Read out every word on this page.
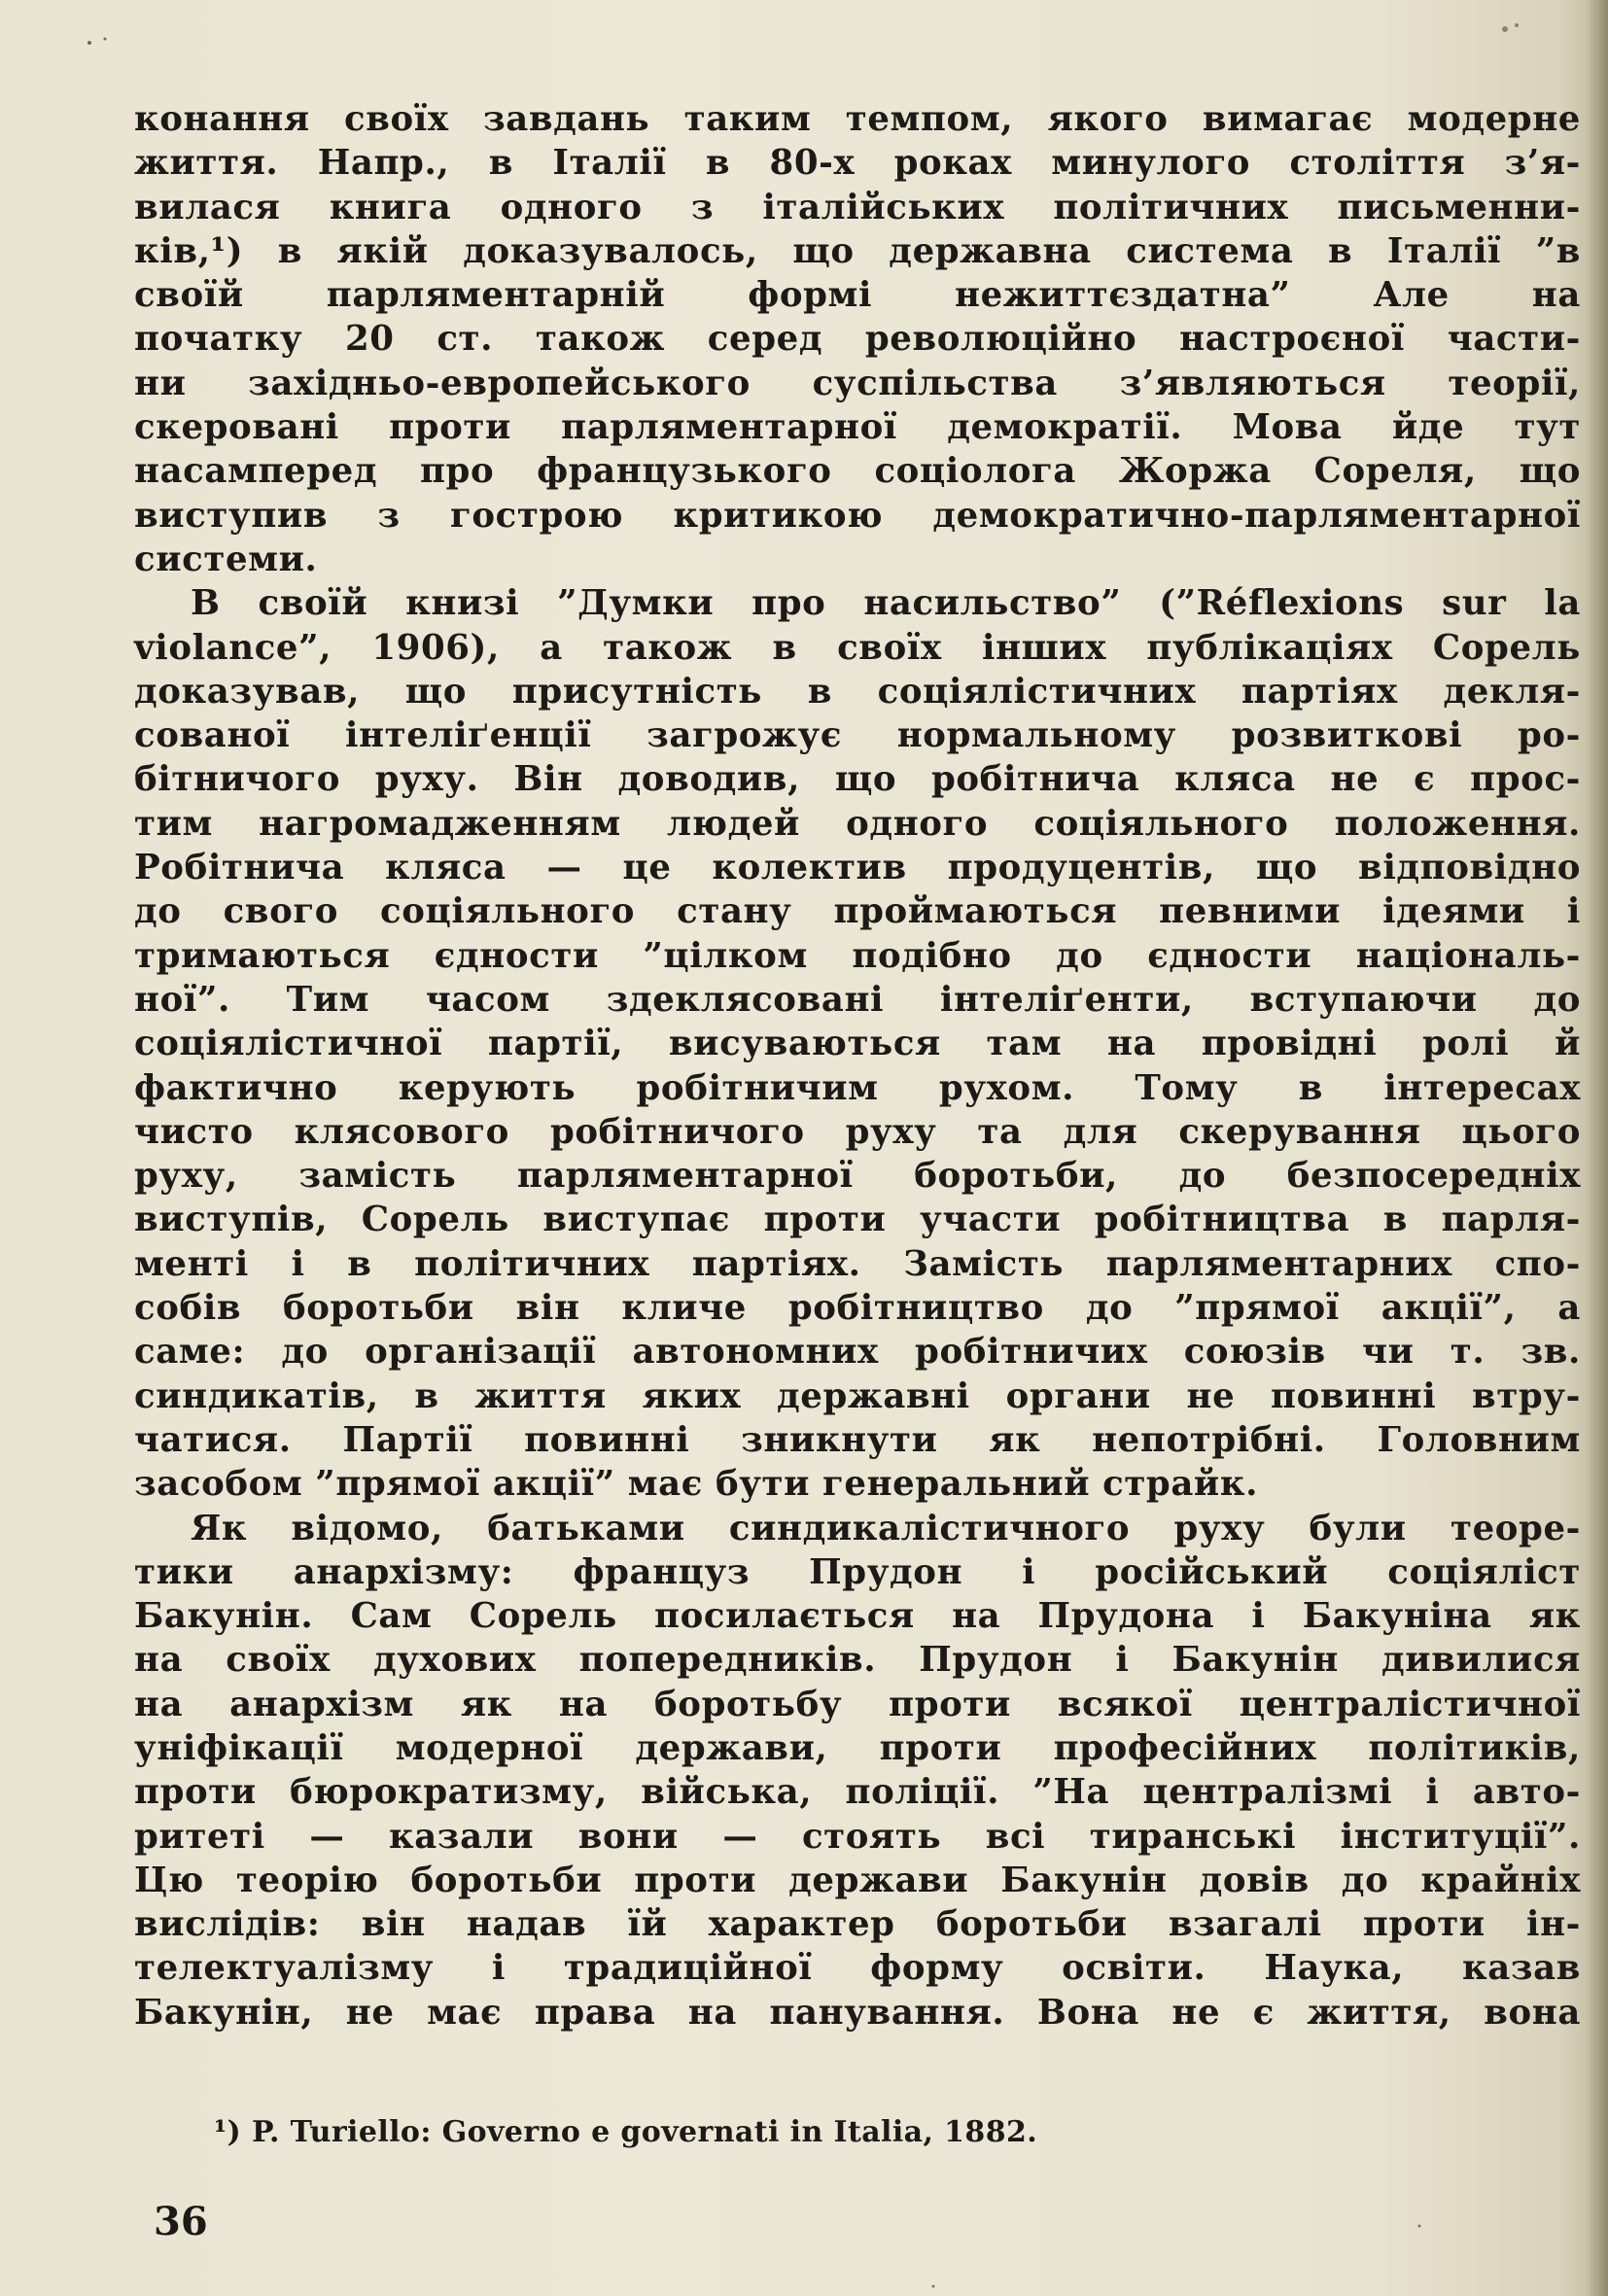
конання своїх завдань таким темпом, якого вимагає модерне
життя. Напр., в Італії в 80-х роках минулого століття з’я-
вилася книга одного з італійських політичних письменни-
ків,¹) в якій доказувалось, що державна система в Італії ”в
своїй парляментарній формі нежиттєздатна” Але на
початку 20 ст. також серед революційно настроєної части-
ни західньо-европейського суспільства з’являються теорії,
скеровані проти парляментарної демократії. Мова йде тут
насамперед про французького соціолога Жоржа Сореля, що
виступив з гострою критикою демократично-парляментарної
системи.
В своїй книзі ”Думки про насильство” (”Réflexions sur la
violance”, 1906), а також в своїх інших публікаціях Сорель
доказував, що присутність в соціялістичних партіях декля-
сованої інтеліґенції загрожує нормальному розвиткові ро-
бітничого руху. Він доводив, що робітнича кляса не є прос-
тим нагромадженням людей одного соціяльного положення.
Робітнича кляса — це колектив продуцентів, що відповідно
до свого соціяльного стану проймаються певними ідеями і
тримаються єдности ”цілком подібно до єдности національ-
ної”. Тим часом здеклясовані інтеліґенти, вступаючи до
соціялістичної партії, висуваються там на провідні ролі й
фактично керують робітничим рухом. Тому в інтересах
чисто клясового робітничого руху та для скерування цього
руху, замість парляментарної боротьби, до безпосередніх
виступів, Сорель виступає проти участи робітництва в парля-
менті і в політичних партіях. Замість парляментарних спо-
собів боротьби він кличе робітництво до ”прямої акції”, а
саме: до організації автономних робітничих союзів чи т. зв.
синдикатів, в життя яких державні органи не повинні втру-
чатися. Партії повинні зникнути як непотрібні. Головним
засобом ”прямої акції” має бути генеральний страйк.
Як відомо, батьками синдикалістичного руху були теоре-
тики анархізму: француз Прудон і російський соціяліст
Бакунін. Сам Сорель посилається на Прудона і Бакуніна як
на своїх духових попередників. Прудон і Бакунін дивилися
на анархізм як на боротьбу проти всякої централістичної
уніфікації модерної держави, проти професійних політиків,
проти бюрократизму, війська, поліції. ”На централізмі і авто-
ритеті — казали вони — стоять всі тиранські інституції”.
Цю теорію боротьби проти держави Бакунін довів до крайніх
вислідів: він надав їй характер боротьби взагалі проти ін-
телектуалізму і традиційної форму освіти. Наука, казав
Бакунін, не має права на панування. Вона не є життя, вона
¹) P. Turiello: Governo e governati in Italia, 1882.
36
